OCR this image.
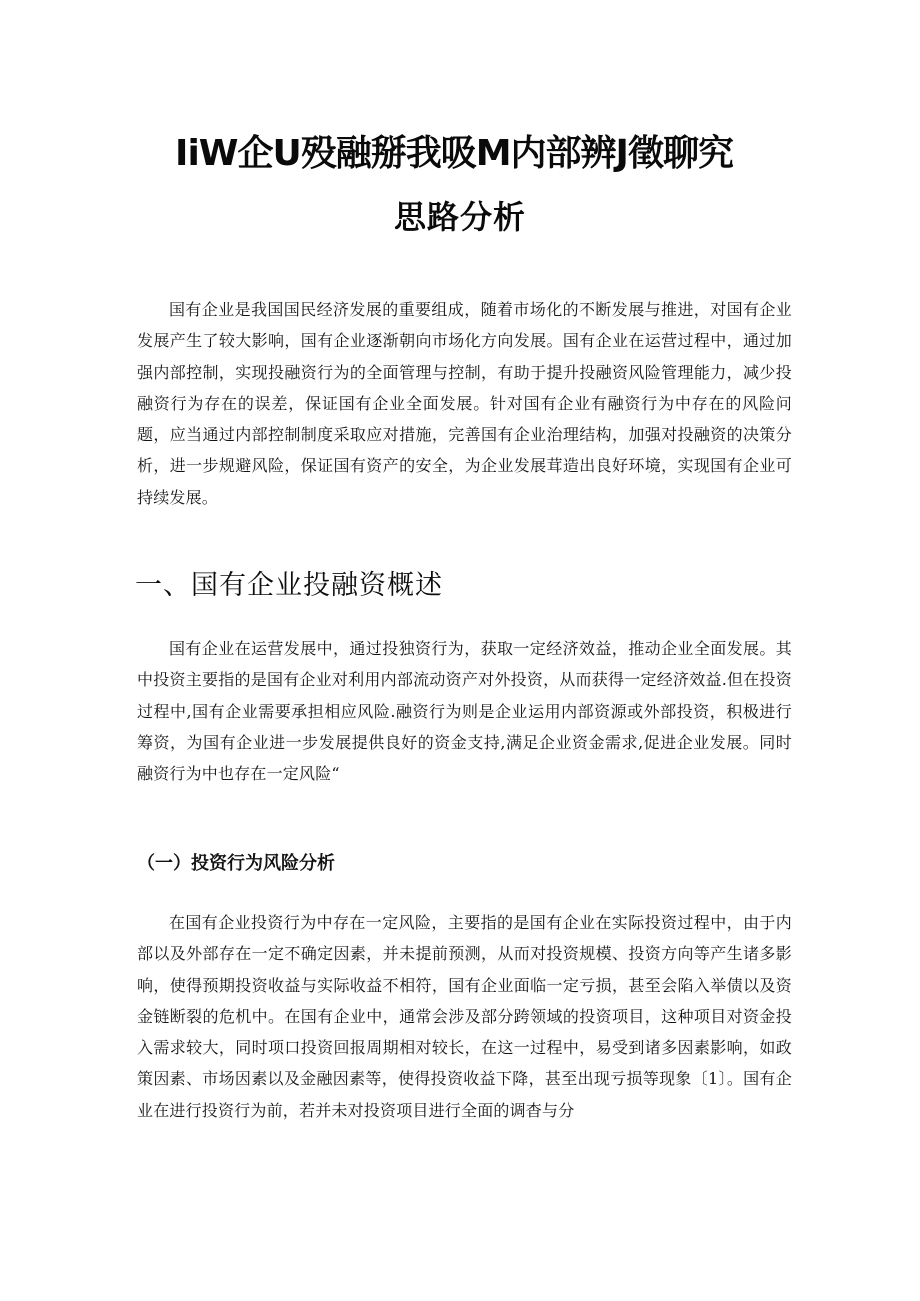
IiW企U殁融掰我吸M内部辨J徵聊究
思路分析

国有企业是我国国民经济发展的重要组成，随着市场化的不断发展与推进，对国有企业发展产生了较大影响，国有企业逐渐朝向市场化方向发展。国有企业在运营过程中，通过加强内部控制，实现投融资行为的全面管理与控制，有助于提升投融资风险管理能力，减少投融资行为存在的误差，保证国有企业全面发展。针对国有企业有融资行为中存在的风险问题，应当通过内部控制制度采取应对措施，完善国有企业治理结构，加强对投融资的决策分析，进一步规避风险，保证国有资产的安全，为企业发展茸造出良好环境，实现国有企业可持续发展。

一、国有企业投融资概述

国有企业在运营发展中，通过投独资行为，获取一定经济效益，推动企业全面发展。其中投资主要指的是国有企业对利用内部流动资产对外投资，从而获得一定经济效益.但在投资过程中,国有企业需要承担相应风险.融资行为则是企业运用内部资源或外部投资，积极进行筹资，为国有企业进一步发展提供良好的资金支持,满足企业资金需求,促进企业发展。同时融资行为中也存在一定风险“

（一）投资行为风险分析

在国有企业投资行为中存在一定风险，主要指的是国有企业在实际投资过程中，由于内部以及外部存在一定不确定因素，并未提前预测，从而对投资规模、投资方向等产生诸多影响，使得预期投资收益与实际收益不相符，国有企业面临一定亏损，甚至会陷入举债以及资金链断裂的危机中。在国有企业中，通常会涉及部分跨领域的投资项目，这种项目对资金投入需求较大，同时项口投资回报周期相对较长，在这一过程中，易受到诸多因素影响，如政策因素、市场因素以及金融因素等，使得投资收益下降，甚至出现亏损等现象〔1〕。国有企业在进行投资行为前，若并未对投资项目进行全面的调杳与分
